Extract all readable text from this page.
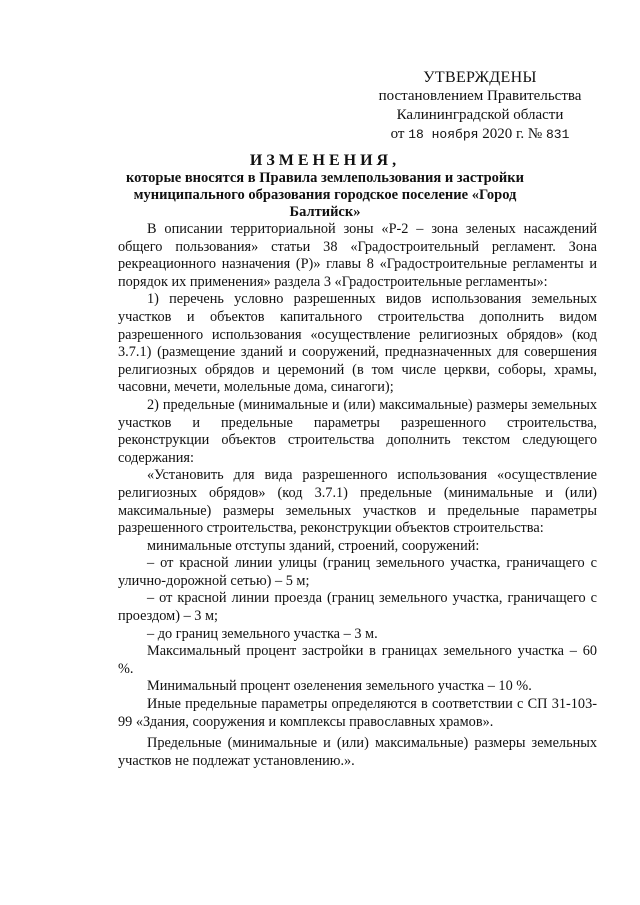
УТВЕРЖДЕНЫ
постановлением Правительства
Калининградской области
от 18 ноября 2020 г. № 831
ИЗМЕНЕНИЯ,
которые вносятся в Правила землепользования и застройки
муниципального образования городское поселение «Город Балтийск»

В описании территориальной зоны «Р-2 – зона зеленых насаждений общего пользования» статьи 38 «Градостроительный регламент. Зона рекреационного назначения (Р)» главы 8 «Градостроительные регламенты и порядок их применения» раздела 3 «Градостроительные регламенты»:

1) перечень условно разрешенных видов использования земельных участков и объектов капитального строительства дополнить видом разрешенного использования «осуществление религиозных обрядов» (код 3.7.1) (размещение зданий и сооружений, предназначенных для совершения религиозных обрядов и церемоний (в том числе церкви, соборы, храмы, часовни, мечети, молельные дома, синагоги);

2) предельные (минимальные и (или) максимальные) размеры земельных участков и предельные параметры разрешенного строительства, реконструкции объектов строительства дополнить текстом следующего содержания:

«Установить для вида разрешенного использования «осуществление религиозных обрядов» (код 3.7.1) предельные (минимальные и (или) максимальные) размеры земельных участков и предельные параметры разрешенного строительства, реконструкции объектов строительства:

минимальные отступы зданий, строений, сооружений:

– от красной линии улицы (границ земельного участка, граничащего с улично-дорожной сетью) – 5 м;

– от красной линии проезда (границ земельного участка, граничащего с проездом) – 3 м;

– до границ земельного участка – 3 м.

Максимальный процент застройки в границах земельного участка – 60 %.

Минимальный процент озеленения земельного участка – 10 %.

Иные предельные параметры определяются в соответствии с СП 31-103-99 «Здания, сооружения и комплексы православных храмов».

Предельные (минимальные и (или) максимальные) размеры земельных участков не подлежат установлению.».
